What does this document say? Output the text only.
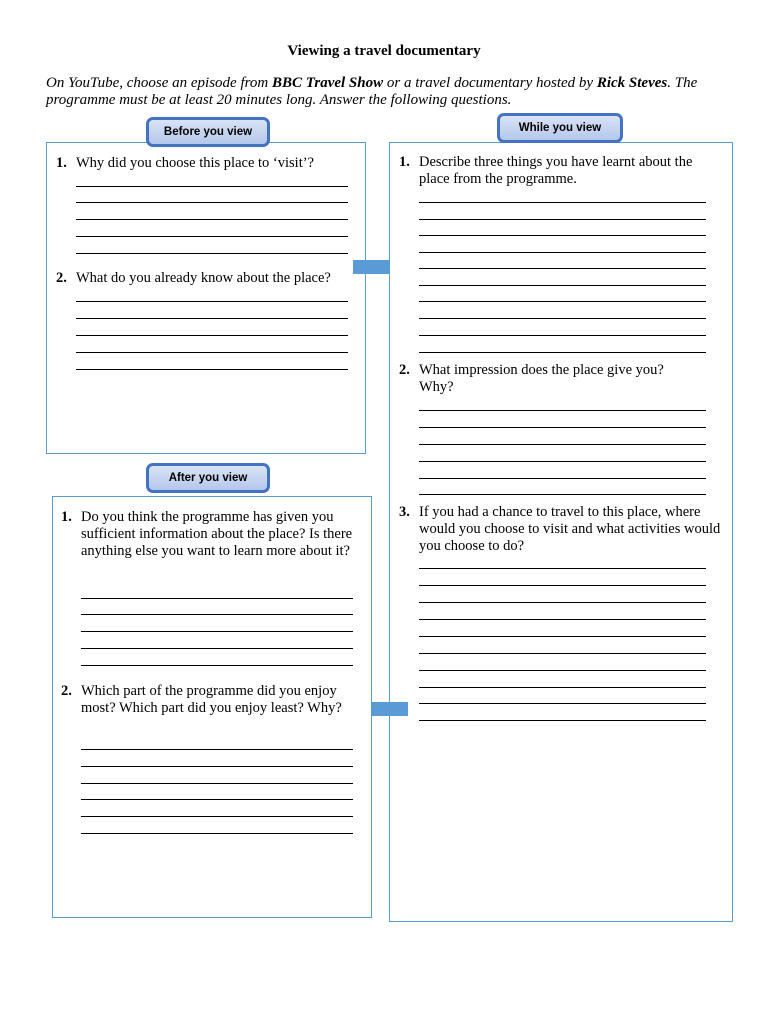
Viewing a travel documentary
On YouTube, choose an episode from BBC Travel Show or a travel documentary hosted by Rick Steves. The programme must be at least 20 minutes long. Answer the following questions.
Before you view
1. Why did you choose this place to ‘visit’?
2. What do you already know about the place?
While you view
1. Describe three things you have learnt about the place from the programme.
2. What impression does the place give you? Why?
3. If you had a chance to travel to this place, where would you choose to visit and what activities would you choose to do?
After you view
1. Do you think the programme has given you sufficient information about the place? Is there anything else you want to learn more about it?
2. Which part of the programme did you enjoy most? Which part did you enjoy least? Why?
